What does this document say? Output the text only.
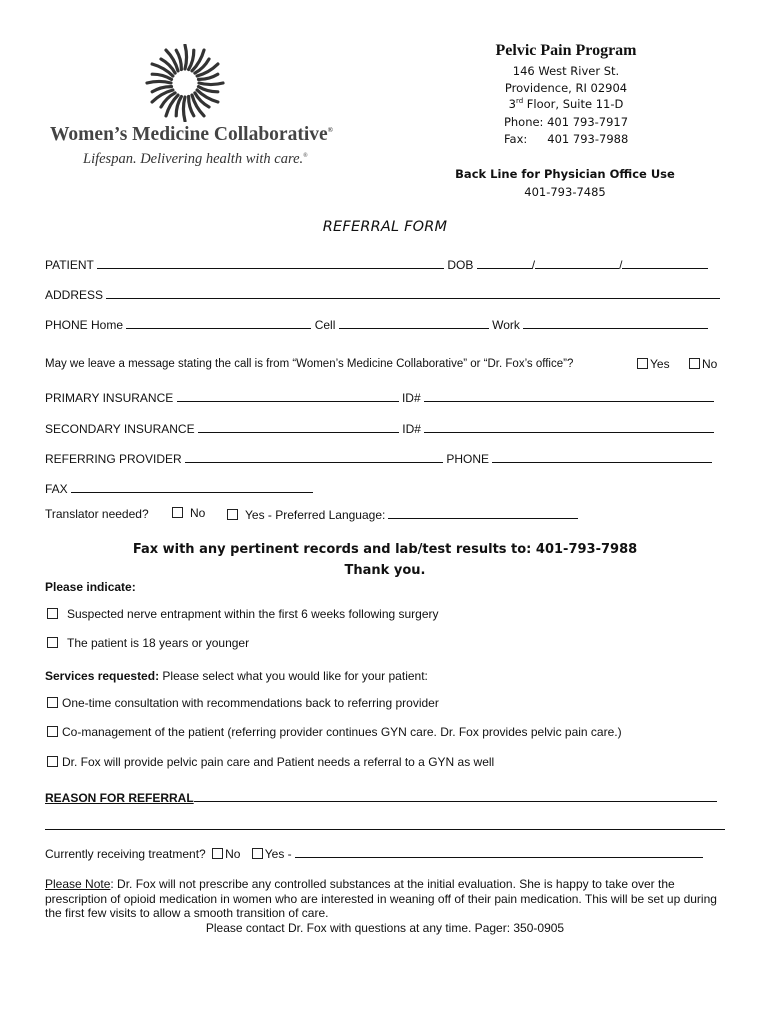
Women’s Medicine Collaborative®
Lifespan. Delivering health with care.®
Pelvic Pain Program
146 West River St.
Providence, RI 02904
3rd Floor, Suite 11-D
Phone: 401 793-7917
Fax: 401 793-7988
Back Line for Physician Office Use
401-793-7485
REFERRAL FORM
PATIENT	DOB	/	/
ADDRESS
PHONE Home	Cell	Work
May we leave a message stating the call is from “Women’s Medicine Collaborative” or “Dr. Fox’s office”?	Yes	No
PRIMARY INSURANCE	ID#
SECONDARY INSURANCE	ID#
REFERRING PROVIDER	PHONE
FAX
Translator needed?	No	Yes - Preferred Language:
Fax with any pertinent records and lab/test results to: 401-793-7988
Thank you.
Please indicate:
Suspected nerve entrapment within the first 6 weeks following surgery
The patient is 18 years or younger
Services requested: Please select what you would like for your patient:
One-time consultation with recommendations back to referring provider
Co-management of the patient (referring provider continues GYN care. Dr. Fox provides pelvic pain care.)
Dr. Fox will provide pelvic pain care and Patient needs a referral to a GYN as well
REASON FOR REFERRAL
Currently receiving treatment? No Yes -
Please Note: Dr. Fox will not prescribe any controlled substances at the initial evaluation. She is happy to take over the prescription of opioid medication in women who are interested in weaning off of their pain medication. This will be set up during the first few visits to allow a smooth transition of care.
Please contact Dr. Fox with questions at any time. Pager: 350-0905
